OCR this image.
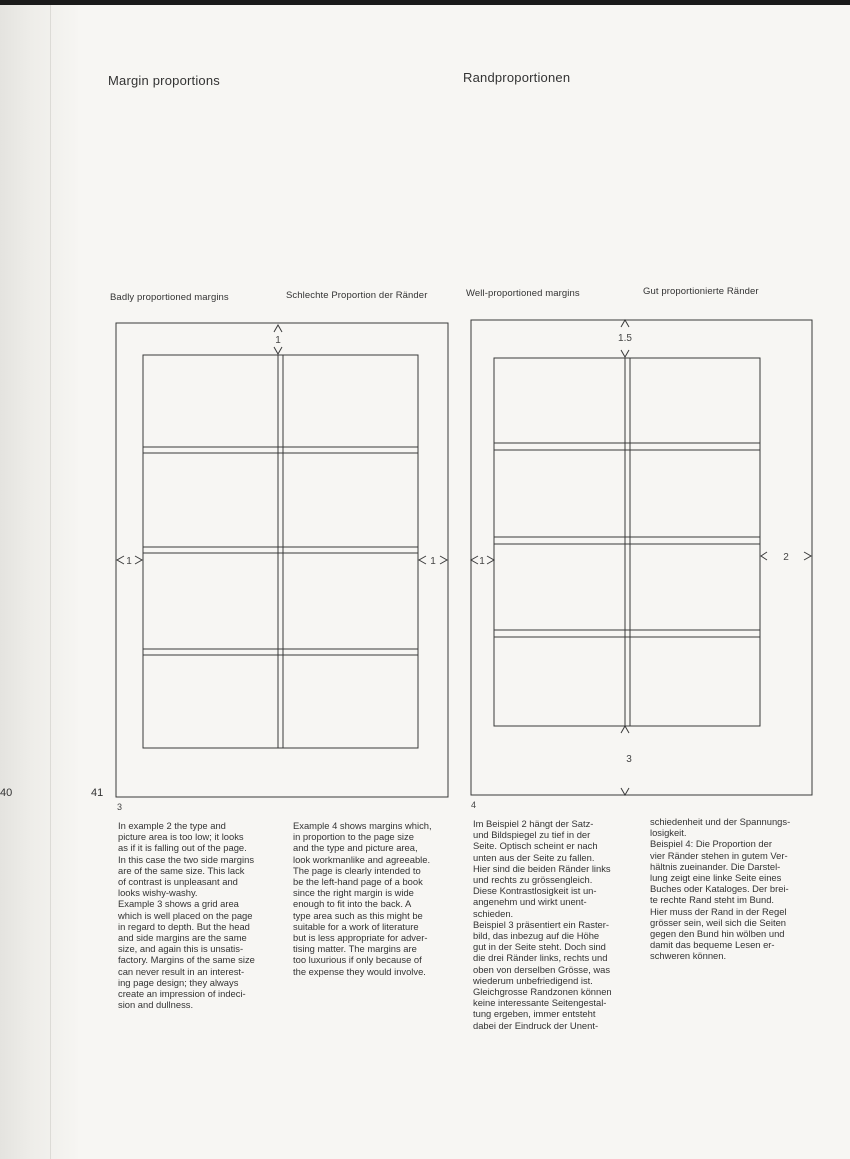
40	41
Margin proportions	Randproportionen
Badly proportioned margins	Schlechte Proportion der Ränder	Well-proportioned margins	Gut proportionierte Ränder
1
1	1
3
1.5
1	2
3
4
In example 2 the type and
picture area is too low; it looks
as if it is falling out of the page.
In this case the two side margins
are of the same size. This lack
of contrast is unpleasant and
looks wishy-washy.
Example 3 shows a grid area
which is well placed on the page
in regard to depth. But the head
and side margins are the same
size, and again this is unsatis-
factory. Margins of the same size
can never result in an interest-
ing page design; they always
create an impression of indeci-
sion and dullness.
Example 4 shows margins which,
in proportion to the page size
and the type and picture area,
look workmanlike and agreeable.
The page is clearly intended to
be the left-hand page of a book
since the right margin is wide
enough to fit into the back. A
type area such as this might be
suitable for a work of literature
but is less appropriate for adver-
tising matter. The margins are
too luxurious if only because of
the expense they would involve.
Im Beispiel 2 hängt der Satz-
und Bildspiegel zu tief in der
Seite. Optisch scheint er nach
unten aus der Seite zu fallen.
Hier sind die beiden Ränder links
und rechts zu grössengleich.
Diese Kontrastlosigkeit ist un-
angenehm und wirkt unent-
schieden.
Beispiel 3 präsentiert ein Raster-
bild, das inbezug auf die Höhe
gut in der Seite steht. Doch sind
die drei Ränder links, rechts und
oben von derselben Grösse, was
wiederum unbefriedigend ist.
Gleichgrosse Randzonen können
keine interessante Seitengestal-
tung ergeben, immer entsteht
dabei der Eindruck der Unent-
schiedenheit und der Spannungs-
losigkeit.
Beispiel 4: Die Proportion der
vier Ränder stehen in gutem Ver-
hältnis zueinander. Die Darstel-
lung zeigt eine linke Seite eines
Buches oder Kataloges. Der brei-
te rechte Rand steht im Bund.
Hier muss der Rand in der Regel
grösser sein, weil sich die Seiten
gegen den Bund hin wölben und
damit das bequeme Lesen er-
schweren können.
